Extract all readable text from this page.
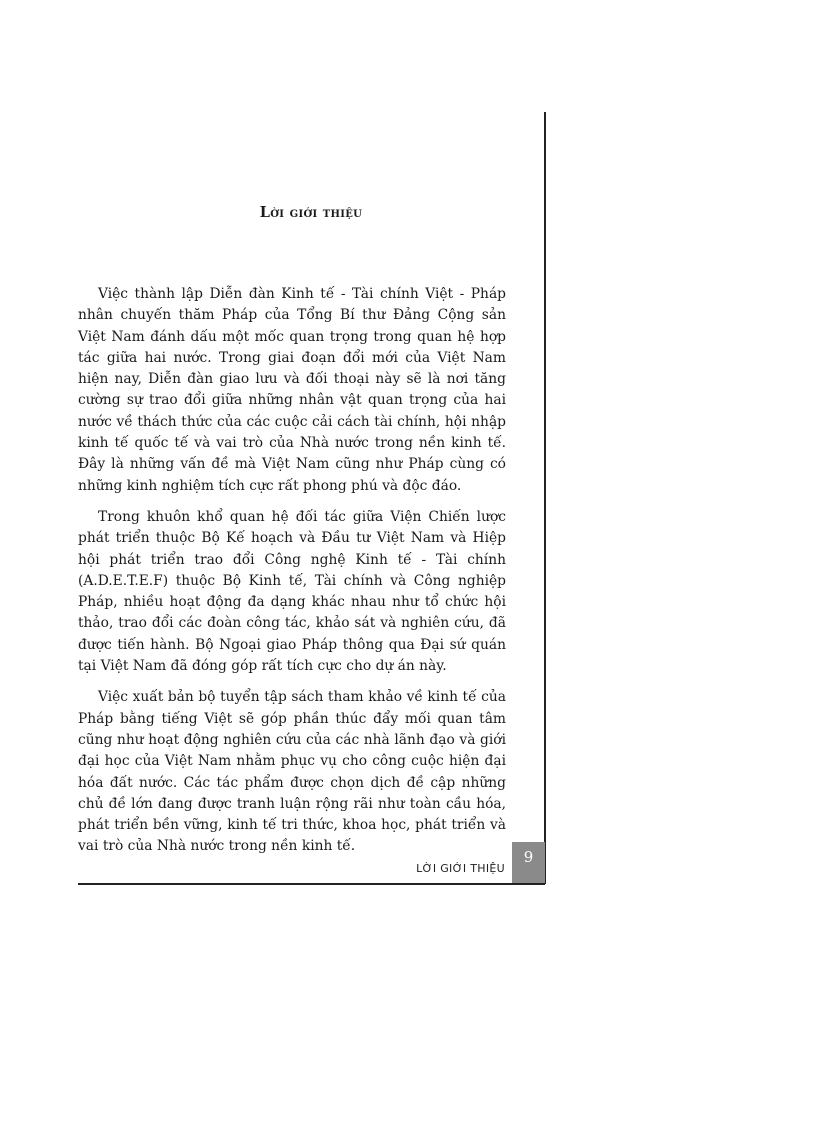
Lời giới thiệu

Việc thành lập Diễn đàn Kinh tế - Tài chính Việt - Pháp nhân chuyến thăm Pháp của Tổng Bí thư Đảng Cộng sản Việt Nam đánh dấu một mốc quan trọng trong quan hệ hợp tác giữa hai nước. Trong giai đoạn đổi mới của Việt Nam hiện nay, Diễn đàn giao lưu và đối thoại này sẽ là nơi tăng cường sự trao đổi giữa những nhân vật quan trọng của hai nước về thách thức của các cuộc cải cách tài chính, hội nhập kinh tế quốc tế và vai trò của Nhà nước trong nền kinh tế. Đây là những vấn đề mà Việt Nam cũng như Pháp cùng có những kinh nghiệm tích cực rất phong phú và độc đáo.

Trong khuôn khổ quan hệ đối tác giữa Viện Chiến lược phát triển thuộc Bộ Kế hoạch và Đầu tư Việt Nam và Hiệp hội phát triển trao đổi Công nghệ Kinh tế - Tài chính (A.D.E.T.E.F) thuộc Bộ Kinh tế, Tài chính và Công nghiệp Pháp, nhiều hoạt động đa dạng khác nhau như tổ chức hội thảo, trao đổi các đoàn công tác, khảo sát và nghiên cứu, đã được tiến hành. Bộ Ngoại giao Pháp thông qua Đại sứ quán tại Việt Nam đã đóng góp rất tích cực cho dự án này.

Việc xuất bản bộ tuyển tập sách tham khảo về kinh tế của Pháp bằng tiếng Việt sẽ góp phần thúc đẩy mối quan tâm cũng như hoạt động nghiên cứu của các nhà lãnh đạo và giới đại học của Việt Nam nhằm phục vụ cho công cuộc hiện đại hóa đất nước. Các tác phẩm được chọn dịch đề cập những chủ đề lớn đang được tranh luận rộng rãi như toàn cầu hóa, phát triển bền vững, kinh tế tri thức, khoa học, phát triển và vai trò của Nhà nước trong nền kinh tế.

LỜI GIỚI THIỆU
9
